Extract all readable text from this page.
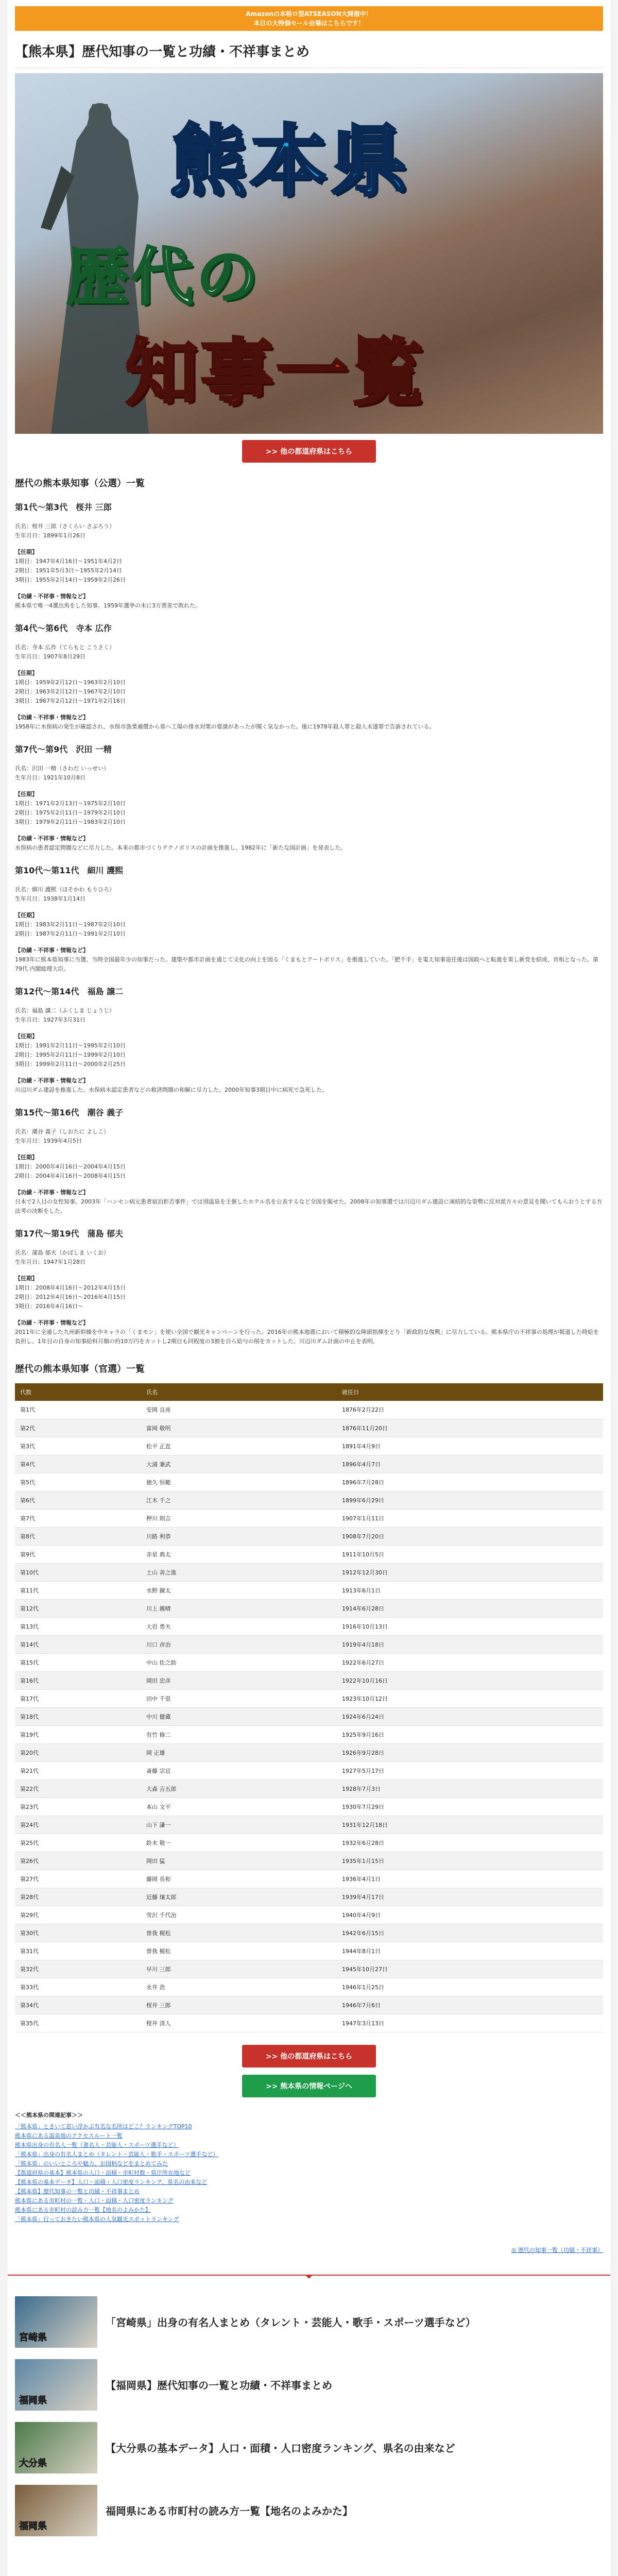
Amazonの本格ロ型ATSEASON大開催中！
本日の大特価セール会場はこちらです！
【熊本県】歴代知事の一覧と功績・不祥事まとめ
熊本県
歴代の
知事一覧
>> 他の都道府県はこちら
歴代の熊本県知事（公選）一覧
第1代〜第3代　桜井 三郎

氏名：桜井 三郎（さくらい さぶろう）

生年月日：1899年1月26日

【任期】

1期目：1947年4月16日〜1951年4月2日

2期目：1951年5月3日〜1955年2月14日

3期目：1955年2月14日〜1959年2月26日

【功績・不祥事・情報など】

熊本県で唯一4選出馬をした知事。1959年選挙の末に3万票差で敗れた。

第4代〜第6代　寺本 広作

氏名：寺本 広作（てらもと こうさく）

生年月日：1907年8月29日

【任期】

1期目：1959年2月12日〜1963年2月10日

2期目：1963年2月12日〜1967年2月10日

3期目：1967年2月12日〜1971年2月16日

【功績・不祥事・情報など】

1958年に水俣病の発生が確認され、水俣市漁業補償から県へ工場の排水対策の要請があったが聞く気なかった。後に1978年殺人罪と殺人未遂罪で告訴されている。

第7代〜第9代　沢田 一精

氏名：沢田 一精（さわだ いっせい）

生年月日：1921年10月8日

【任期】

1期目：1971年2月13日〜1975年2月10日

2期目：1975年2月11日〜1979年2月10日

3期目：1979年2月11日〜1983年2月10日

【功績・不祥事・情報など】

水俣病の患者認定問題などに尽力した。本来の都市づくりテクノポリスの計画を推進し、1982年に「新たな国計画」を発表した。

第10代〜第11代　細川 護熙

氏名：細川 護熙（ほそかわ もりひろ）

生年月日：1938年1月14日

【任期】

1期目：1983年2月11日〜1987年2月10日

2期目：1987年2月11日〜1991年2月10日

【功績・不祥事・情報など】

1983年に熊本県知事に当選、当時全国最年少の知事だった。建築や都市計画を通じて文化の向上を図る「くまもとアートポリス」を推進していた。「肥千手」を電え知事退任後は国政へと転進を果し新党を結成、首相となった。第79代 内閣総理大臣。

第12代〜第14代　福島 譲二

氏名：福島 譲二（ふくしま じょうじ）

生年月日：1927年3月31日

【任期】

1期目：1991年2月11日〜1995年2月10日

2期目：1995年2月11日〜1999年2月10日

3期目：1999年2月11日〜2000年2月25日

【功績・不祥事・情報など】

川辺川ダム建設を推進した。水俣病未認定患者などの救済問題の和解に尽力した。2000年知事3期目中に病死で急死した。

第15代〜第16代　潮谷 義子

氏名：潮谷 義子（しおたに よしこ）

生年月日：1939年4月5日

【任期】

1期目：2000年4月16日〜2004年4月15日

2期目：2004年4月16日〜2008年4月15日

【功績・不祥事・情報など】

日本で2人目の女性知事。2003年「ハンセン病元患者宿泊拒否事件」では別温泉を主催したホテル名を公表するなど全国を賑せた。2008年の知事選では川辺川ダム建設に凍結的な姿勢に反対派方々の意見を聞いてもらおうとする方法考の決断をした。

第17代〜第19代　蒲島 郁夫

氏名：蒲島 郁夫（かばしま いくお）

生年月日：1947年1月28日

【任期】

1期目：2008年4月16日〜2012年4月15日

2期目：2012年4月16日〜2016年4月15日

3期目：2016年4月16日〜

【功績・不祥事・情報など】

2011年に全通した九州新幹線を中キャラの「くまモン」を使い全国で観光キャンペーンを行った。2016年の熊本地震において積極的な陣頭指揮をとり「新政的な復興」に尽力している。熊本県庁の不祥事の処理が報道した時給を負担し、1年目の自身の知事給料月額の約10万円をカットし2期目も同程度の3割を自ら給与の削をカットした。川辺川ダム計画の中止を表明。

歴代の熊本県知事（官選）一覧
代数	氏名	就任日
第1代	安岡 良亮	1876年2月22日
第2代	富岡 敬明	1876年11月20日
第3代	松平 正直	1891年4月9日
第4代	大浦 兼武	1896年4月7日
第5代	徳久 恒範	1896年7月28日
第6代	江木 千之	1899年6月29日
第7代	押川 則吉	1907年1月11日
第8代	川路 利恭	1908年7月20日
第9代	赤星 典太	1911年10月5日
第10代	土山 善之進	1912年12月30日
第11代	水野 錬太	1913年6月1日
第12代	川上 親晴	1914年6月28日
第13代	大岩 勇夫	1916年10月13日
第14代	川口 彦治	1919年4月18日
第15代	中山 佐之助	1922年6月27日
第16代	岡田 忠彦	1922年10月16日
第17代	田中 千里	1923年10月12日
第18代	中川 健蔵	1924年6月24日
第19代	有竹 修二	1925年9月16日
第20代	岡 正雄	1926年9月28日
第21代	斎藤 宗宜	1927年5月17日
第22代	大森 吉五郎	1928年7月3日
第23代	本山 文平	1930年7月29日
第24代	山下 謙一	1931年12月18日
第25代	鈴木 敬一	1932年6月28日
第26代	岡田 猛	1935年1月15日
第27代	藤岡 長和	1936年4月1日
第28代	近藤 壌太郎	1939年4月17日
第29代	雪沢 千代治	1940年4月9日
第30代	曽我 梶松	1942年6月15日
第31代	曽我 梶松	1944年8月1日
第32代	早川 三郎	1945年10月27日
第33代	永井 浩	1946年1月25日
第34代	桜井 三郎	1946年7月6日
第35代	桜井 清人	1947年3月13日
>> 他の都道府県はこちら
>> 熊本県の情報ページへ
＜＜熊本県の関連記事＞＞
「熊本県」ときいて思い浮かぶ有名な名所はどこ？ランキングTOP10
熊本県にある温泉地のアクセスルート一覧
熊本県出身の有名人一覧（著名人・芸能人・スポーツ選手など）
「熊本県」出身の有名人まとめ（タレント・芸能人・歌手・スポーツ選手など）
「熊本県」のいいところや魅力、お国柄などをまとめてみた
【都道府県の基本】熊本県の人口・面積・市町村数・県庁所在地など
【熊本県の基本データ】人口・面積・人口密度ランキング、県名の由来など
【熊本県】歴代知事の一覧と功績・不祥事まとめ
熊本県にある市町村の一覧・人口・面積・人口密度ランキング
熊本県にある市町村の読み方一覧【地名のよみかた】
「熊本県」行っておきたい熊本県の人気観光スポットランキング
◎ 歴代の知事一覧（功績・不祥事）
宮崎県
「宮崎県」出身の有名人まとめ（タレント・芸能人・歌手・スポーツ選手など）
福岡県
【福岡県】歴代知事の一覧と功績・不祥事まとめ
大分県
【大分県の基本データ】人口・面積・人口密度ランキング、県名の由来など
福岡県
福岡県にある市町村の読み方一覧【地名のよみかた】
